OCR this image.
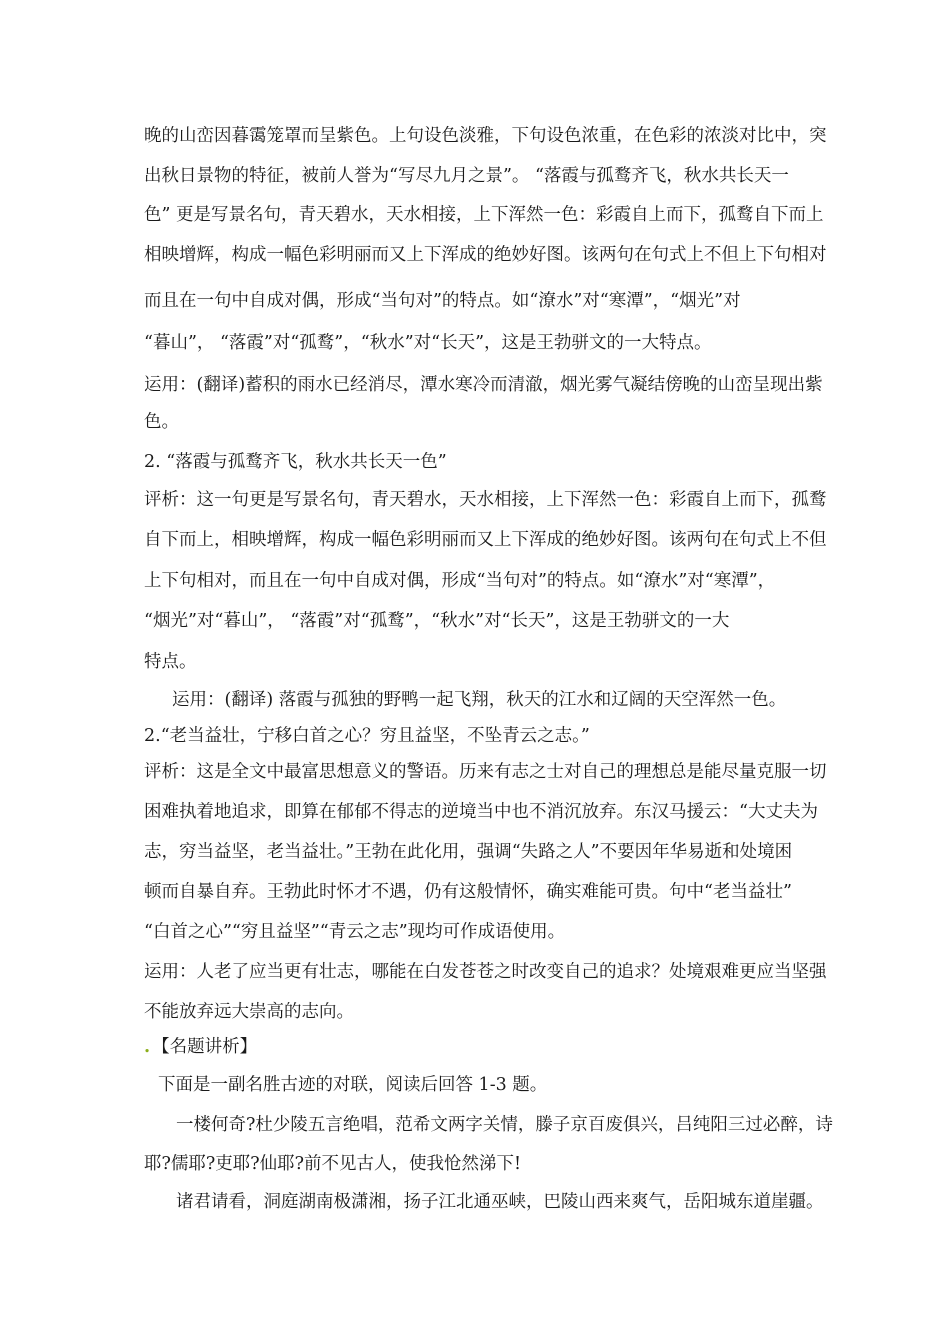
晚的山峦因暮霭笼罩而呈紫色。上句设色淡雅，下句设色浓重，在色彩的浓淡对比中，突
出秋日景物的特征，被前人誉为“写尽九月之景”。 “落霞与孤鹜齐飞，秋水共长天一
色” 更是写景名句，青天碧水，天水相接，上下浑然一色：彩霞自上而下，孤鹜自下而上
相映增辉，构成一幅色彩明丽而又上下浑成的绝妙好图。该两句在句式上不但上下句相对
而且在一句中自成对偶，形成“当句对”的特点。如“潦水”对“寒潭”，“烟光”对
“暮山”， “落霞”对“孤鹜”，“秋水”对“长天”，这是王勃骈文的一大特点。
运用：(翻译)蓄积的雨水已经消尽，潭水寒冷而清澈，烟光雾气凝结傍晚的山峦呈现出紫
色。
2. “落霞与孤鹜齐飞，秋水共长天一色”
评析：这一句更是写景名句，青天碧水，天水相接，上下浑然一色：彩霞自上而下，孤鹜
自下而上，相映增辉，构成一幅色彩明丽而又上下浑成的绝妙好图。该两句在句式上不但
上下句相对，而且在一句中自成对偶，形成“当句对”的特点。如“潦水”对“寒潭”，
“烟光”对“暮山”， “落霞”对“孤鹜”，“秋水”对“长天”，这是王勃骈文的一大
特点。
运用：(翻译) 落霞与孤独的野鸭一起飞翔，秋天的江水和辽阔的天空浑然一色。
2.“老当益壮，宁移白首之心？穷且益坚，不坠青云之志。”
评析：这是全文中最富思想意义的警语。历来有志之士对自己的理想总是能尽量克服一切
困难执着地追求，即算在郁郁不得志的逆境当中也不消沉放弃。东汉马援云：“大丈夫为
志，穷当益坚，老当益壮。”王勃在此化用，强调“失路之人”不要因年华易逝和处境困
顿而自暴自弃。王勃此时怀才不遇，仍有这般情怀，确实难能可贵。句中“老当益壮”
“白首之心”“穷且益坚”“青云之志”现均可作成语使用。
运用：人老了应当更有壮志，哪能在白发苍苍之时改变自己的追求？处境艰难更应当坚强
不能放弃远大崇高的志向。
. 【名题讲析】
下面是一副名胜古迹的对联，阅读后回答 1-3 题。
一楼何奇?杜少陵五言绝唱，范希文两字关情，滕子京百废俱兴，吕纯阳三过必醉，诗
耶?儒耶?吏耶?仙耶?前不见古人，使我怆然涕下!
诸君请看，洞庭湖南极潇湘，扬子江北通巫峡，巴陵山西来爽气，岳阳城东道崖疆。
